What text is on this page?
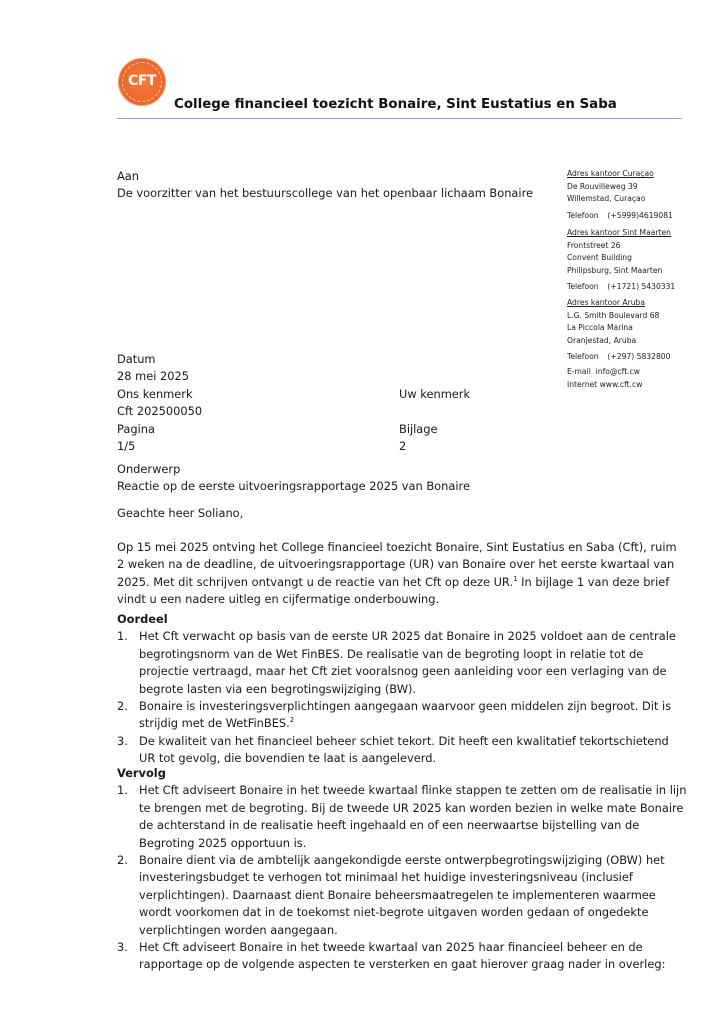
CFT
College financieel toezicht Bonaire, Sint Eustatius en Saba
Aan
De voorzitter van het bestuurscollege van het openbaar lichaam Bonaire
Adres kantoor Curaçao
De Rouvilleweg 39
Willemstad, Curaçao
Telefoon (+5999)4619081
Adres kantoor Sint Maarten
Frontstreet 26
Convent Building
Philipsburg, Sint Maarten
Telefoon (+1721) 5430331
Adres kantoor Aruba
L.G. Smith Boulevard 68
La Piccola Marina
Oranjestad, Aruba
Telefoon (+297) 5832800
E-mail info@cft.cw
Internet www.cft.cw
Datum
28 mei 2025
Ons kenmerk
Cft 202500050
Pagina
1/5
Uw kenmerk
Bijlage
2
Onderwerp
Reactie op de eerste uitvoeringsrapportage 2025 van Bonaire
Geachte heer Soliano,

Op 15 mei 2025 ontving het College financieel toezicht Bonaire, Sint Eustatius en Saba (Cft), ruim 2 weken na de deadline, de uitvoeringsrapportage (UR) van Bonaire over het eerste kwartaal van 2025. Met dit schrijven ontvangt u de reactie van het Cft op deze UR.$^1$ In bijlage 1 van deze brief vindt u een nadere uitleg en cijfermatige onderbouwing.

Oordeel
1. Het Cft verwacht op basis van de eerste UR 2025 dat Bonaire in 2025 voldoet aan de centrale begrotingsnorm van de Wet FinBES. De realisatie van de begroting loopt in relatie tot de projectie vertraagd, maar het Cft ziet vooralsnog geen aanleiding voor een verlaging van de begrote lasten via een begrotingswijziging (BW).
2. Bonaire is investeringsverplichtingen aangegaan waarvoor geen middelen zijn begroot. Dit is strijdig met de WetFinBES.$^2$
3. De kwaliteit van het financieel beheer schiet tekort. Dit heeft een kwalitatief tekortschietend UR tot gevolg, die bovendien te laat is aangeleverd.
Vervolg
1. Het Cft adviseert Bonaire in het tweede kwartaal flinke stappen te zetten om de realisatie in lijn te brengen met de begroting. Bij de tweede UR 2025 kan worden bezien in welke mate Bonaire de achterstand in de realisatie heeft ingehaald en of een neerwaartse bijstelling van de Begroting 2025 opportuun is.
2. Bonaire dient via de ambtelijk aangekondigde eerste ontwerpbegrotingswijziging (OBW) het investeringsbudget te verhogen tot minimaal het huidige investeringsniveau (inclusief verplichtingen). Daarnaast dient Bonaire beheersmaatregelen te implementeren waarmee wordt voorkomen dat in de toekomst niet-begrote uitgaven worden gedaan of ongedekte verplichtingen worden aangegaan.
3. Het Cft adviseert Bonaire in het tweede kwartaal van 2025 haar financieel beheer en de rapportage op de volgende aspecten te versterken en gaat hierover graag nader in overleg:
